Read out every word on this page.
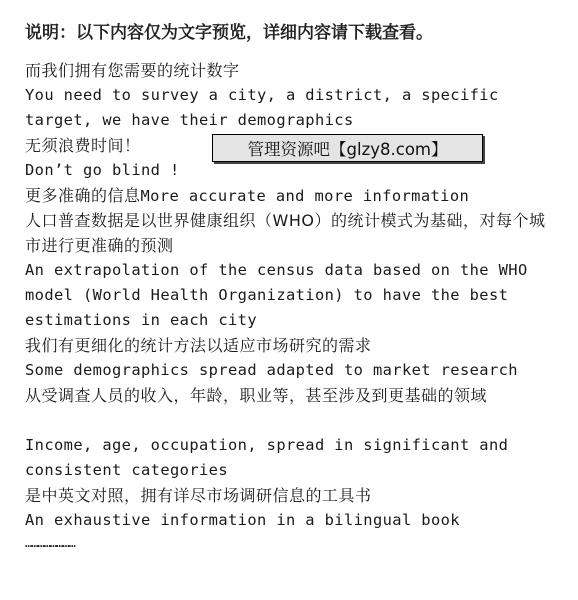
说明：以下内容仅为文字预览，详细内容请下载查看。
而我们拥有您需要的统计数字
You need to survey a city, a district, a specific
target, we have their demographics
无须浪费时间！
Don’t go blind !
更多准确的信息More accurate and more information
人口普查数据是以世界健康组织（WHO）的统计模式为基础，对每个城市进行更准确的预测
An extrapolation of the census data based on the WHO
model (World Health Organization) to have the best
estimations in each city
我们有更细化的统计方法以适应市场研究的需求
Some demographics spread adapted to market research
从受调查人员的收入，年龄，职业等，甚至涉及到更基础的领域
Income, age, occupation, spread in significant and
consistent categories
是中英文对照，拥有详尽市场调研信息的工具书
An exhaustive information in a bilingual book
……………………
管理资源吧【glzy8.com】
